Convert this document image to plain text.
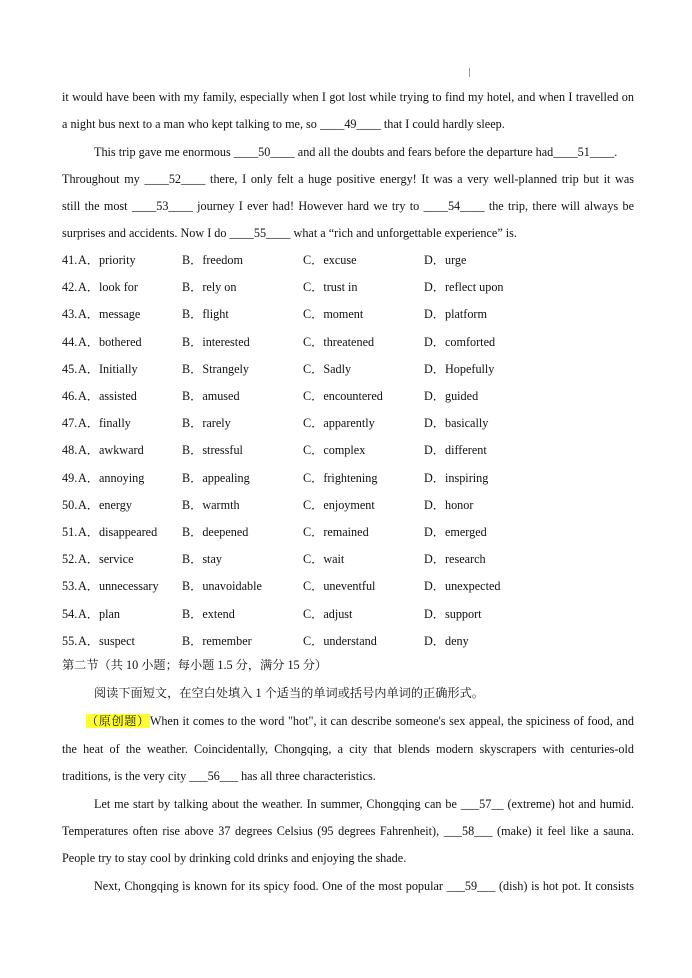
it would have been with my family, especially when I got lost while trying to find my hotel, and when I travelled on
a night bus next to a man who kept talking to me, so ____49____ that I could hardly sleep.
This trip gave me enormous ____50____ and all the doubts and fears before the departure had____51____.
Throughout my ____52____ there, I only felt a huge positive energy! It was a very well-planned trip but it was
still the most ____53____ journey I ever had! However hard we try to ____54____ the trip, there will always be
surprises and accidents. Now I do ____55____ what a “rich and unforgettable experience” is.
41. A．priority	B．freedom	C．excuse	D．urge
42. A．look for	B．rely on	C．trust in	D．reflect upon
43. A．message	B．flight	C．moment	D．platform
44. A．bothered	B．interested	C．threatened	D．comforted
45. A．Initially	B．Strangely	C．Sadly	D．Hopefully
46. A．assisted	B．amused	C．encountered	D．guided
47. A．finally	B．rarely	C．apparently	D．basically
48. A．awkward	B．stressful	C．complex	D．different
49. A．annoying	B．appealing	C．frightening	D．inspiring
50. A．energy	B．warmth	C．enjoyment	D．honor
51. A．disappeared B．deepened	C．remained	D．emerged
52. A．service	B．stay	C．wait	D．research
53. A．unnecessary B．unavoidable	C．uneventful	D．unexpected
54. A．plan	B．extend	C．adjust	D．support
55. A．suspect	B．remember	C．understand	D．deny
第二节（共 10 小题；每小题 1.5 分，满分 15 分）
阅读下面短文，在空白处填入 1 个适当的单词或括号内单词的正确形式。
（原创题）When it comes to the word "hot", it can describe someone's sex appeal, the spiciness of food, and
the heat of the weather. Coincidentally, Chongqing, a city that blends modern skyscrapers with centuries-old
traditions, is the very city ___56___ has all three characteristics.
Let me start by talking about the weather. In summer, Chongqing can be ___57__ (extreme) hot and humid.
Temperatures often rise above 37 degrees Celsius (95 degrees Fahrenheit), ___58___ (make) it feel like a sauna.
People try to stay cool by drinking cold drinks and enjoying the shade.
Next, Chongqing is known for its spicy food. One of the most popular ___59___ (dish) is hot pot. It consists
